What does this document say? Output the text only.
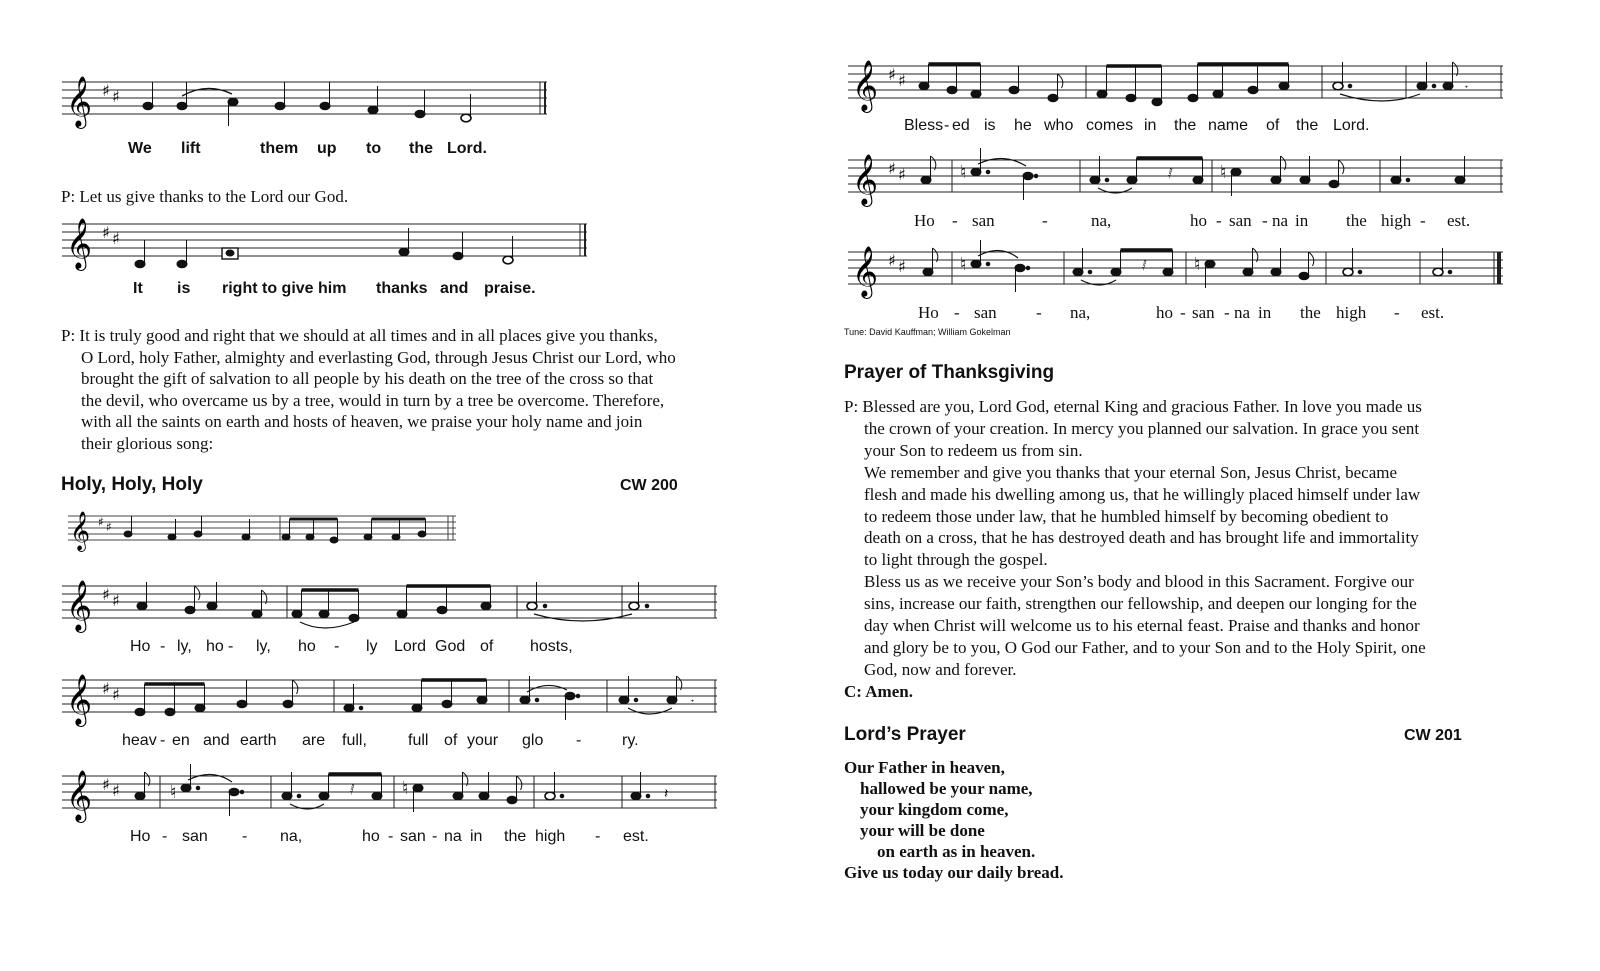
𝄞 ♯ ♯
We lift	them up to the Lord.
P: Let us give thanks to the Lord our God.
𝄞 ♯ ♯
It is right to give him thanks and praise.
P: It is truly good and right that we should at all times and in all places give you thanks,
O Lord, holy Father, almighty and everlasting God, through Jesus Christ our Lord, who
brought the gift of salvation to all people by his death on the tree of the cross so that
the devil, who overcame us by a tree, would in turn by a tree be overcome. Therefore,
with all the saints on earth and hosts of heaven, we praise your holy name and join
their glorious song:
Holy, Holy, Holy	CW 200
𝄞 ♯ ♯
𝄞 ♯ ♯
Ho - ly, ho - ly, ho - ly Lord God of hosts,
𝄞 ♯ ♯	𝅄
heav - en and earth are full,	full of your glo -	ry.
𝄞 ♯ ♯	♮	♮	𝄽
𝅁
Ho - san - na,	ho - san - na in the high - est.
𝄞 ♯ ♯	𝅄
Bless - ed is he who comes in the name of the Lord.
𝄞 ♯ ♯	♮	♮
𝅁
Ho - san	-	na,	ho - san - na in the high - est.
𝄞 ♯ ♯	♮	♮
𝅁
Ho - san - na,	ho - san - na in the high - est.
Tune: David Kauffman; William Gokelman
Prayer of Thanksgiving
P: Blessed are you, Lord God, eternal King and gracious Father. In love you made us
the crown of your creation. In mercy you planned our salvation. In grace you sent
your Son to redeem us from sin.
We remember and give you thanks that your eternal Son, Jesus Christ, became
flesh and made his dwelling among us, that he willingly placed himself under law
to redeem those under law, that he humbled himself by becoming obedient to
death on a cross, that he has destroyed death and has brought life and immortality
to light through the gospel.
Bless us as we receive your Son’s body and blood in this Sacrament. Forgive our
sins, increase our faith, strengthen our fellowship, and deepen our longing for the
day when Christ will welcome us to his eternal feast. Praise and thanks and honor
and glory be to you, O God our Father, and to your Son and to the Holy Spirit, one
God, now and forever.
C: Amen.
Lord’s Prayer	CW 201
Our Father in heaven,
hallowed be your name,
your kingdom come,
your will be done
on earth as in heaven.
Give us today our daily bread.
